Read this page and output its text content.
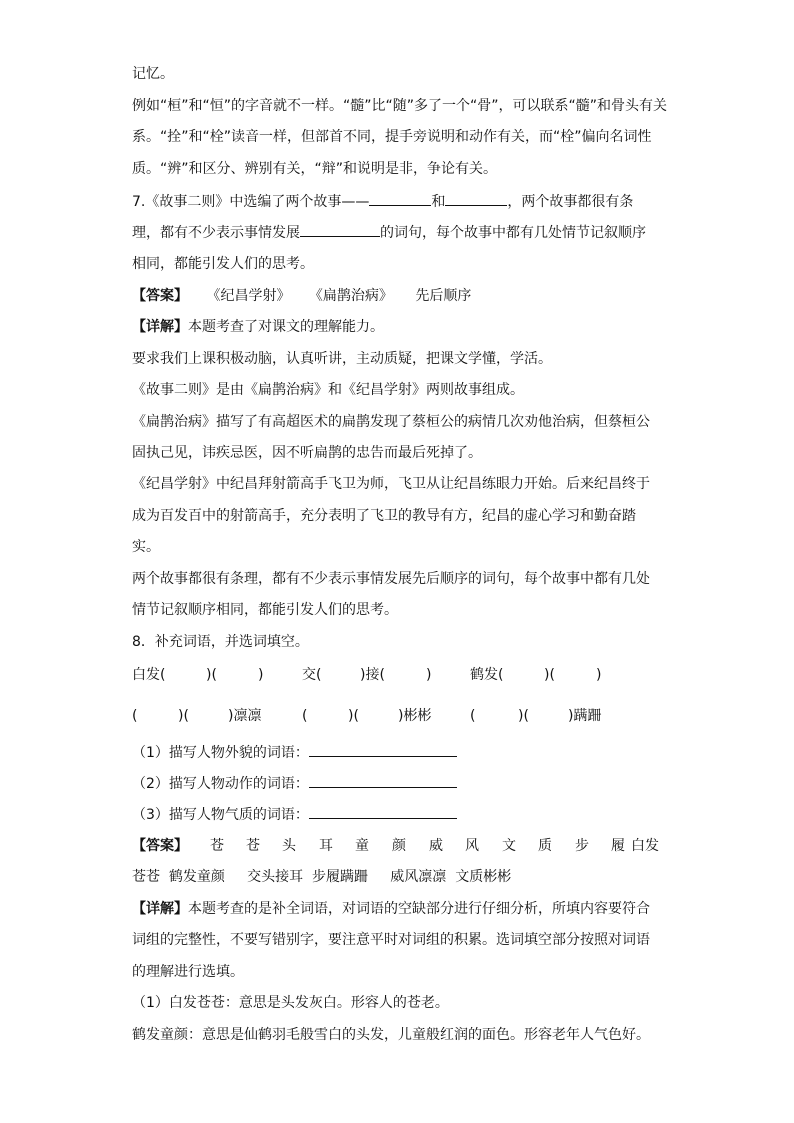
记忆。
例如“桓”和“恒”的字音就不一样。“髓”比“随”多了一个“骨”，可以联系“髓”和骨头有关
系。“拴”和“栓”读音一样，但部首不同，提手旁说明和动作有关，而“栓”偏向名词性
质。“辨”和区分、辨别有关，“辩”和说明是非，争论有关。
7.《故事二则》中选编了两个故事——	和	，两个故事都很有条
理，都有不少表示事情发展	的词句，每个故事中都有几处情节记叙顺序
相同，都能引发人们的思考。
【答案】 《纪昌学射》 《扁鹊治病》 先后顺序
【详解】本题考查了对课文的理解能力。
要求我们上课积极动脑，认真听讲，主动质疑，把课文学懂，学活。
《故事二则》是由《扁鹊治病》和《纪昌学射》两则故事组成。
《扁鹊治病》描写了有高超医术的扁鹊发现了蔡桓公的病情几次劝他治病，但蔡桓公
固执己见，讳疾忌医，因不听扁鹊的忠告而最后死掉了。
《纪昌学射》中纪昌拜射箭高手飞卫为师，飞卫从让纪昌练眼力开始。后来纪昌终于
成为百发百中的射箭高手，充分表明了飞卫的教导有方，纪昌的虚心学习和勤奋踏
实。
两个故事都很有条理，都有不少表示事情发展先后顺序的词句，每个故事中都有几处
情节记叙顺序相同，都能引发人们的思考。
8．补充词语，并选词填空。
白发(	)(	)	交(	)接(	)	鹤发(	)(	)
(	)(	)凛凛	(	)(	)彬彬	(	)(	)蹒跚
（1）描写人物外貌的词语：
（2）描写人物动作的词语：
（3）描写人物气质的词语：
【答案】 苍 苍 头 耳 童 颜 威 风 文 质 步 履 白发
苍苍  鹤发童颜     交头接耳  步履蹒跚     威风凛凛  文质彬彬
【详解】本题考查的是补全词语，对词语的空缺部分进行仔细分析，所填内容要符合
词组的完整性，不要写错别字，要注意平时对词组的积累。选词填空部分按照对词语
的理解进行选填。
（1）白发苍苍：意思是头发灰白。形容人的苍老。
鹤发童颜：意思是仙鹤羽毛般雪白的头发，儿童般红润的面色。形容老年人气色好。
